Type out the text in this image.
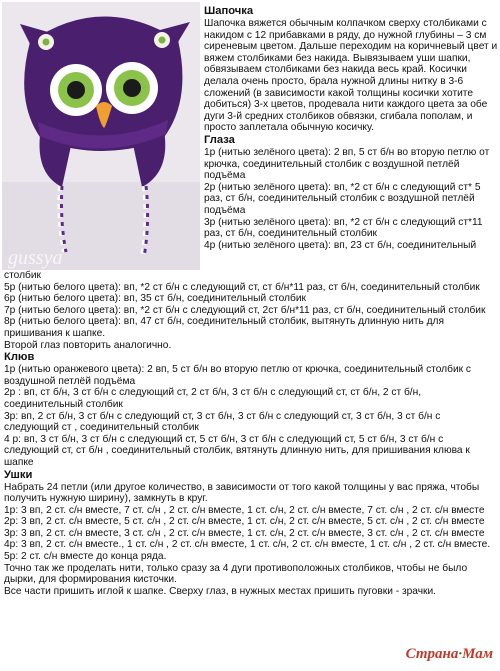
gussya
Шапочка
Шапочка вяжется обычным колпачком сверху столбиками с накидом с 12 прибавками в ряду, до нужной глубины – 3 см сиреневым цветом. Дальше переходим на коричневый цвет и вяжем столбиками без накида. Вывязываем уши шапки, обвязываем столбиками без накида весь край. Косички делала очень просто, брала нужной длины нитку в 3-6 сложений (в зависимости какой толщины косички хотите добиться) 3-х цветов, продевала нити каждого цвета за обе дуги 3-й средних столбиков обвязки, сгибала пополам, и просто заплетала обычную косичку.
Глаза
1р (нитью зелёного цвета): 2 вп, 5 ст б/н во вторую петлю от крючка, соединительный столбик с воздушной петлёй подъёма
2р (нитью зелёного цвета): вп, *2 ст б/н с следующий ст* 5 раз, ст б/н, соединительный столбик с воздушной петлёй подъёма
3р (нитью зелёного цвета): вп, *2 ст б/н с следующий ст*11 раз, ст б/н, соединительный столбик
4р (нитью зелёного цвета): вп, 23 ст б/н, соединительный
столбик
5р (нитью белого цвета): вп, *2 ст б/н с следующий ст, ст б/н*11 раз, ст б/н, соединительный столбик
6р (нитью белого цвета): вп, 35 ст б/н, соединительный столбик
7р (нитью белого цвета): вп, *2 ст б/н с следующий ст, 2ст б/н*11 раз, ст б/н, соединительный столбик
8р (нитью белого цвета): вп, 47 ст б/н, соединительный столбик, вытянуть длинную нить для пришивания к шапке.
Второй глаз повторить аналогично.
Клюв
1р (нитью оранжевого цвета): 2 вп, 5 ст б/н во вторую петлю от крючка, соединительный столбик с воздушной петлёй подъёма
2р : вп, ст б/н, 3 ст б/н с следующий ст, 2 ст б/н, 3 ст б/н с следующий ст, ст б/н, 2 ст б/н, соединительный столбик
3р: вп, 2 ст б/н, 3 ст б/н с следующий ст, 3 ст б/н, 3 ст б/н с следующий ст, 3 ст б/н, 3 ст б/н с следующий ст , соединительный столбик
4 р: вп, 3 ст б/н, 3 ст б/н с следующий ст, 5 ст б/н, 3 ст б/н с следующий ст, 5 ст б/н, 3 ст б/н с следующий ст, ст б/н , соединительный столбик, вятянуть длинную нить, для пришивания клюва к шапке
Ушки
Набрать 24 петли (или другое количество, в зависимости от того какой толщины у вас пряжа, чтобы получить нужную ширину), замкнуть в круг.
1р: 3 вп, 2 ст. с/н вместе, 7 ст. с/н , 2 ст. с/н вместе, 1 ст. с/н, 2 ст. с/н вместе, 7 ст. с/н , 2 ст. с/н вместе
2р: 3 вп, 2 ст. с/н вместе, 5 ст. с/н , 2 ст. с/н вместе, 1 ст. с/н, 2 ст. с/н вместе, 5 ст. с/н , 2 ст. с/н вместе
3р: 3 вп, 2 ст. с/н вместе, 3 ст. с/н , 2 ст. с/н вместе, 1 ст. с/н, 2 ст. с/н вместе, 3 ст. с/н , 2 ст. с/н вместе
4р: 3 вп, 2 ст. с/н вместе., 1 ст. с/н , 2 ст. с/н вместе, 1 ст. с/н, 2 ст. с/н вместе, 1 ст. с/н , 2 ст. с/н вместе.
5р: 2 ст. с/н вместе до конца ряда.
Точно так же проделать нити, только сразу за 4 дуги противоположных столбиков, чтобы не было дырки, для формирования кисточки.
Все части пришить иглой к шапке. Сверху глаз, в нужных местах пришить пуговки - зрачки.
Страна·Мам
